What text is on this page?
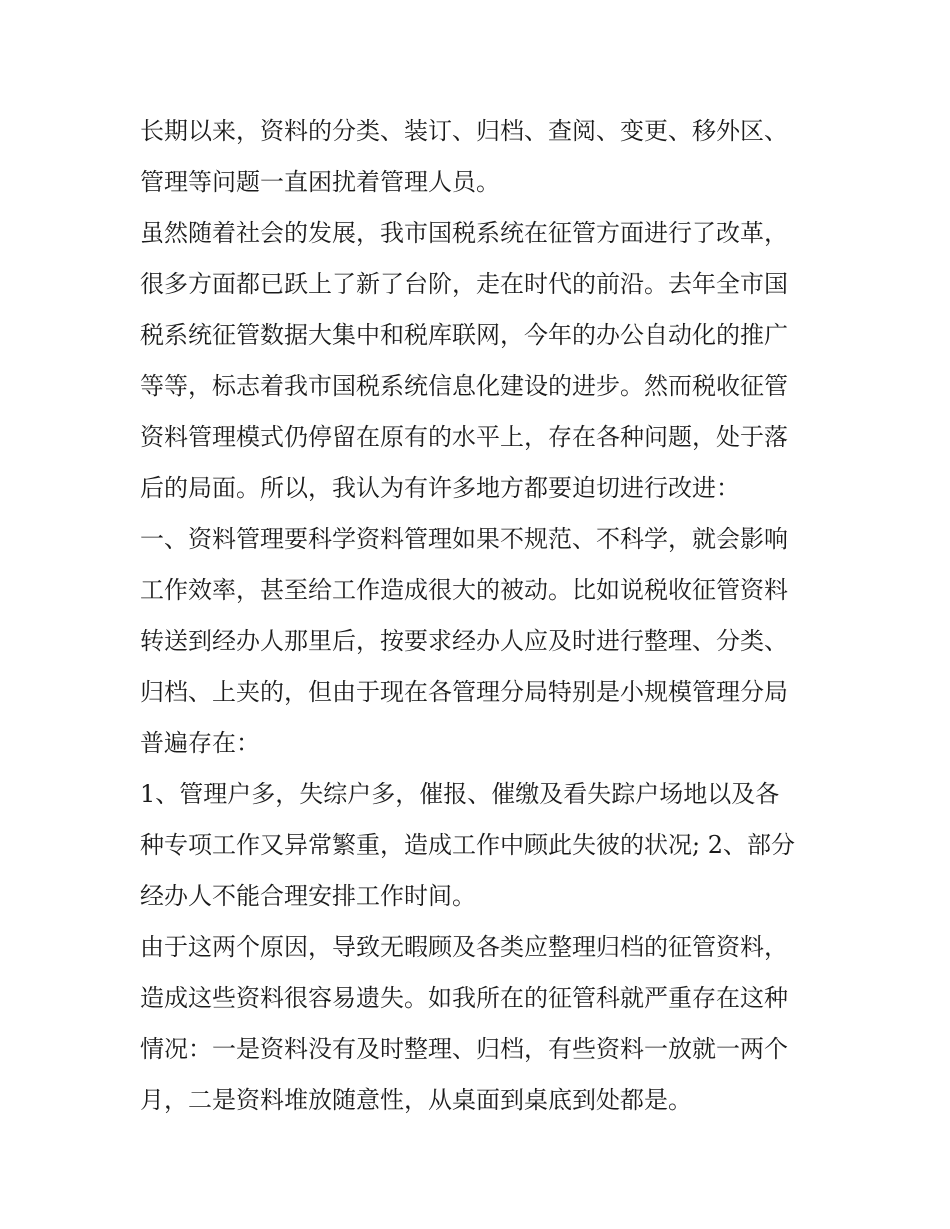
长期以来，资料的分类、装订、归档、查阅、变更、移外区、
管理等问题一直困扰着管理人员。
虽然随着社会的发展，我市国税系统在征管方面进行了改革，
很多方面都已跃上了新了台阶，走在时代的前沿。去年全市国
税系统征管数据大集中和税库联网，今年的办公自动化的推广
等等，标志着我市国税系统信息化建设的进步。然而税收征管
资料管理模式仍停留在原有的水平上，存在各种问题，处于落
后的局面。所以，我认为有许多地方都要迫切进行改进：
一、资料管理要科学资料管理如果不规范、不科学，就会影响
工作效率，甚至给工作造成很大的被动。比如说税收征管资料
转送到经办人那里后，按要求经办人应及时进行整理、分类、
归档、上夹的，但由于现在各管理分局特别是小规模管理分局
普遍存在：
1、管理户多，失综户多，催报、催缴及看失踪户场地以及各
种专项工作又异常繁重，造成工作中顾此失彼的状况; 2、部分
经办人不能合理安排工作时间。
由于这两个原因，导致无暇顾及各类应整理归档的征管资料，
造成这些资料很容易遗失。如我所在的征管科就严重存在这种
情况：一是资料没有及时整理、归档，有些资料一放就一两个
月，二是资料堆放随意性，从桌面到桌底到处都是。
